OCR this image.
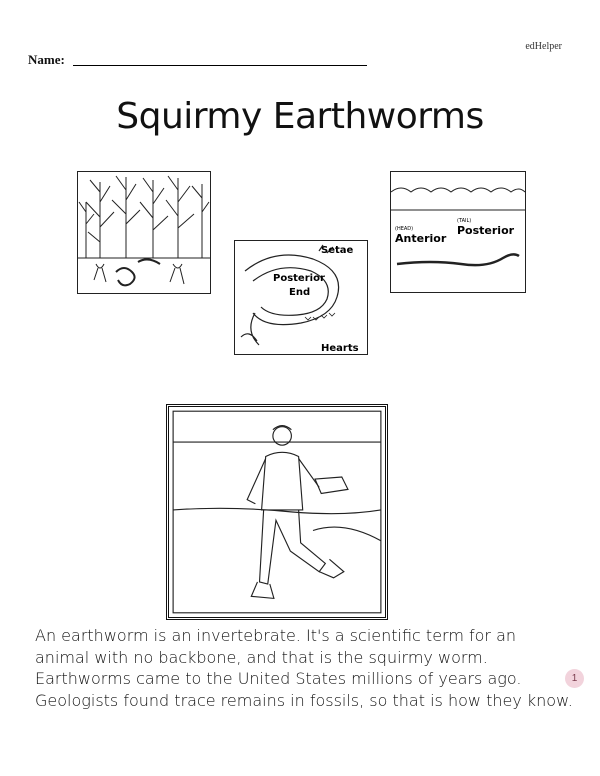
edHelper
Name:
Squirmy Earthworms
Setae
Posterior
End
Hearts
(HEAD)
Anterior
(TAIL)
Posterior

An earthworm is an invertebrate. It's a scientific term for an

animal with no backbone, and that is the squirmy worm.

Earthworms came to the United States millions of years ago.

Geologists found trace remains in fossils, so that is how they know.

1
